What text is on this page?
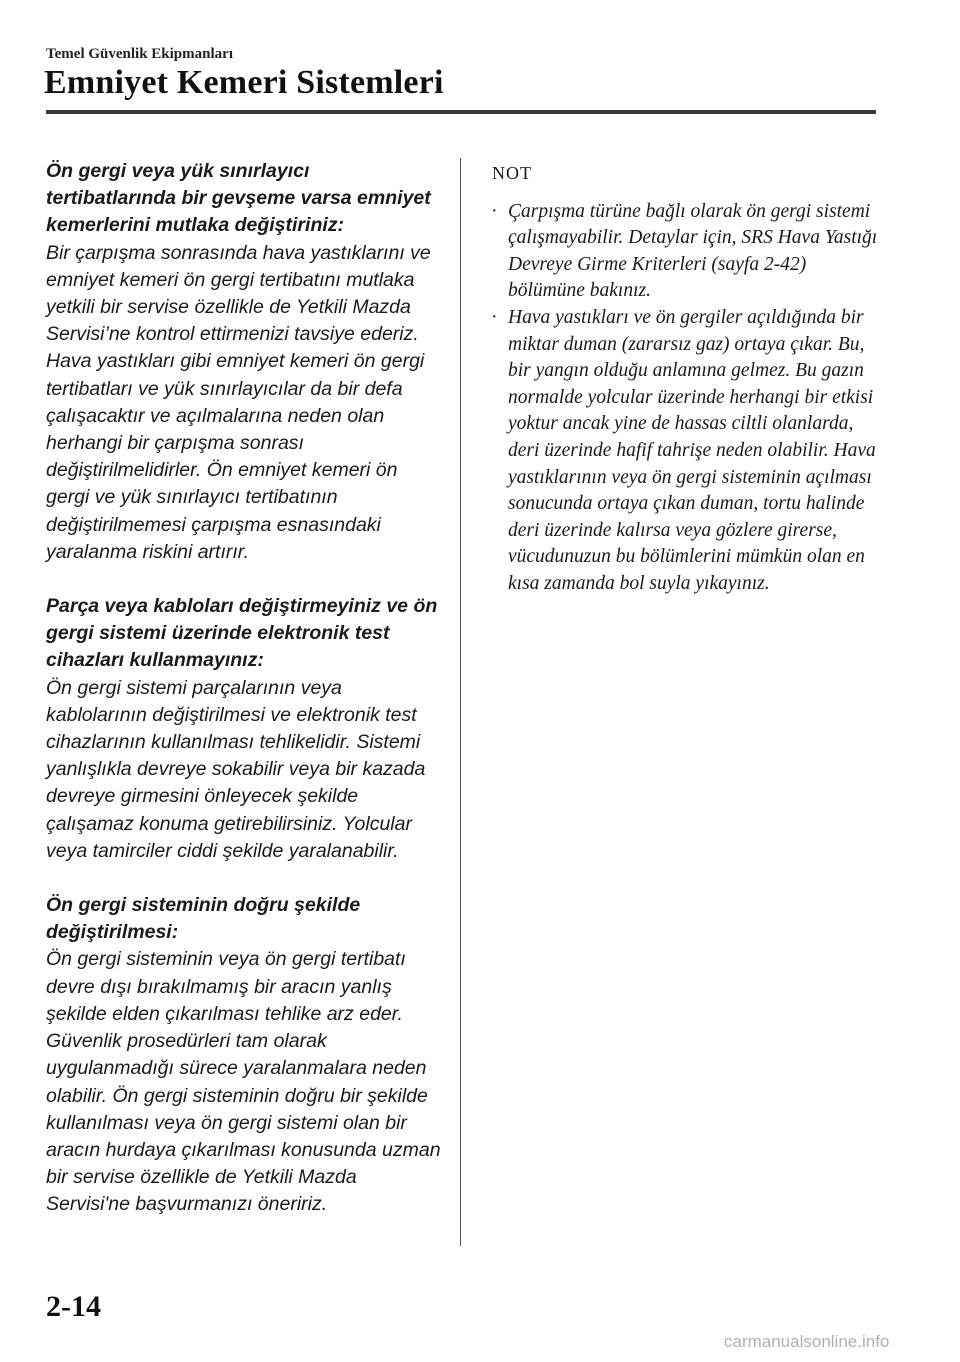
Temel Güvenlik Ekipmanları
Emniyet Kemeri Sistemleri
Ön gergi veya yük sınırlayıcı tertibatlarında bir gevşeme varsa emniyet kemerlerini mutlaka değiştiriniz:
Bir çarpışma sonrasında hava yastıklarını ve emniyet kemeri ön gergi tertibatını mutlaka yetkili bir servise özellikle de Yetkili Mazda Servisi’ne kontrol ettirmenizi tavsiye ederiz. Hava yastıkları gibi emniyet kemeri ön gergi tertibatları ve yük sınırlayıcılar da bir defa çalışacaktır ve açılmalarına neden olan herhangi bir çarpışma sonrası değiştirilmelidirler. Ön emniyet kemeri ön gergi ve yük sınırlayıcı tertibatının değiştirilmemesi çarpışma esnasındaki yaralanma riskini artırır.
Parça veya kabloları değiştirmeyiniz ve ön gergi sistemi üzerinde elektronik test cihazları kullanmayınız:
Ön gergi sistemi parçalarının veya kablolarının değiştirilmesi ve elektronik test cihazlarının kullanılması tehlikelidir. Sistemi yanlışlıkla devreye sokabilir veya bir kazada devreye girmesini önleyecek şekilde çalışamaz konuma getirebilirsiniz. Yolcular veya tamirciler ciddi şekilde yaralanabilir.
Ön gergi sisteminin doğru şekilde değiştirilmesi:
Ön gergi sisteminin veya ön gergi tertibatı devre dışı bırakılmamış bir aracın yanlış şekilde elden çıkarılması tehlike arz eder. Güvenlik prosedürleri tam olarak uygulanmadığı sürece yaralanmalara neden olabilir. Ön gergi sisteminin doğru bir şekilde kullanılması veya ön gergi sistemi olan bir aracın hurdaya çıkarılması konusunda uzman bir servise özellikle de Yetkili Mazda Servisi'ne başvurmanızı öneririz.
NOT
· Çarpışma türüne bağlı olarak ön gergi sistemi çalışmayabilir. Detaylar için, SRS Hava Yastığı Devreye Girme Kriterleri (sayfa 2-42) bölümüne bakınız.
· Hava yastıkları ve ön gergiler açıldığında bir miktar duman (zararsız gaz) ortaya çıkar. Bu, bir yangın olduğu anlamına gelmez. Bu gazın normalde yolcular üzerinde herhangi bir etkisi yoktur ancak yine de hassas ciltli olanlarda, deri üzerinde hafif tahrişe neden olabilir. Hava yastıklarının veya ön gergi sisteminin açılması sonucunda ortaya çıkan duman, tortu halinde deri üzerinde kalırsa veya gözlere girerse, vücudunuzun bu bölümlerini mümkün olan en kısa zamanda bol suyla yıkayınız.
2-14
carmanualsonline.info
